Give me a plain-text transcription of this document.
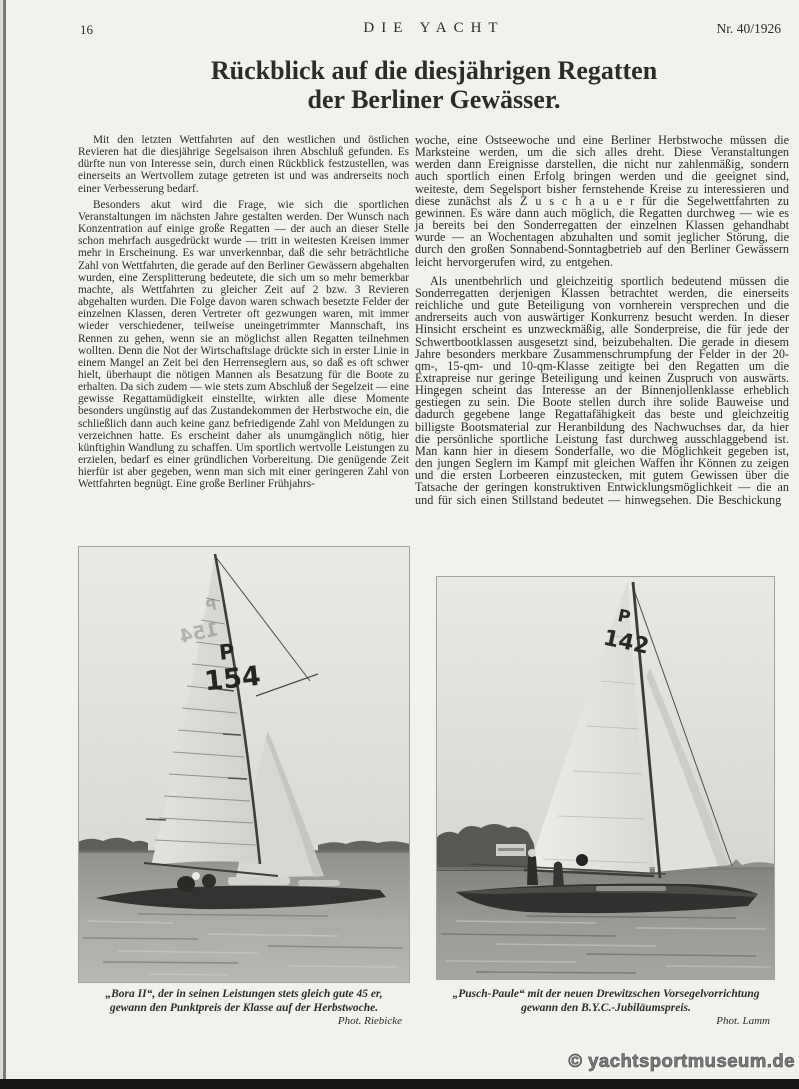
16	DIE YACHT	Nr. 40/1926
Rückblick auf die diesjährigen Regatten
der Berliner Gewässer.

Mit den letzten Wettfahrten auf den westlichen und östlichen Revieren hat die diesjährige Segelsaison ihren Abschluß gefunden. Es dürfte nun von Interesse sein, durch einen Rückblick festzustellen, was einerseits an Wertvollem zutage getreten ist und was andrerseits noch einer Verbesserung bedarf.

Besonders akut wird die Frage, wie sich die sportlichen Veranstaltungen im nächsten Jahre gestalten werden. Der Wunsch nach Konzentration auf einige große Regatten — der auch an dieser Stelle schon mehrfach ausgedrückt wurde — tritt in weitesten Kreisen immer mehr in Erscheinung. Es war unverkennbar, daß die sehr beträchtliche Zahl von Wettfahrten, die gerade auf den Berliner Gewässern abgehalten wurden, eine Zersplitterung bedeutete, die sich um so mehr bemerkbar machte, als Wettfahrten zu gleicher Zeit auf 2 bzw. 3 Revieren abgehalten wurden. Die Folge davon waren schwach besetzte Felder der einzelnen Klassen, deren Vertreter oft gezwungen waren, mit immer wieder verschiedener, teilweise uneingetrimmter Mannschaft, ins Rennen zu gehen, wenn sie an möglichst allen Regatten teilnehmen wollten. Denn die Not der Wirtschaftslage drückte sich in erster Linie in einem Mangel an Zeit bei den Herrenseglern aus, so daß es oft schwer hielt, überhaupt die nötigen Mannen als Besatzung für die Boote zu erhalten. Da sich zudem — wie stets zum Abschluß der Segelzeit — eine gewisse Regattamüdigkeit einstellte, wirkten alle diese Momente besonders ungünstig auf das Zustandekommen der Herbstwoche ein, die schließlich dann auch keine ganz befriedigende Zahl von Meldungen zu verzeichnen hatte. Es erscheint daher als unumgänglich nötig, hier künftighin Wandlung zu schaffen. Um sportlich wertvolle Leistungen zu erzielen, bedarf es einer gründlichen Vorbereitung. Die genügende Zeit hierfür ist aber gegeben, wenn man sich mit einer geringeren Zahl von Wettfahrten begnügt. Eine große Berliner Frühjahrs-

woche, eine Ostseewoche und eine Berliner Herbstwoche müssen die Marksteine werden, um die sich alles dreht. Diese Veranstaltungen werden dann Ereignisse darstellen, die nicht nur zahlenmäßig, sondern auch sportlich einen Erfolg bringen werden und die geeignet sind, weiteste, dem Segelsport bisher fernstehende Kreise zu interessieren und diese zunächst als Z u s c h a u e r für die Segelwettfahrten zu gewinnen. Es wäre dann auch möglich, die Regatten durchweg — wie es ja bereits bei den Sonderregatten der einzelnen Klassen gehandhabt wurde — an Wochentagen abzuhalten und somit jeglicher Störung, die durch den großen Sonnabend-Sonntagbetrieb auf den Berliner Gewässern leicht hervorgerufen wird, zu entgehen.

Als unentbehrlich und gleichzeitig sportlich bedeutend müssen die Sonderregatten derjenigen Klassen betrachtet werden, die einerseits reichliche und gute Beteiligung von vornherein versprechen und die andrerseits auch von auswärtiger Konkurrenz besucht werden. In dieser Hinsicht erscheint es unzweckmäßig, alle Sonderpreise, die für jede der Schwertbootklassen ausgesetzt sind, beizubehalten. Die gerade in diesem Jahre besonders merkbare Zusammenschrumpfung der Felder in der 20-qm-, 15-qm- und 10-qm-Klasse zeitigte bei den Regatten um die Extrapreise nur geringe Beteiligung und keinen Zuspruch von auswärts. Hingegen scheint das Interesse an der Binnenjollenklasse erheblich gestiegen zu sein. Die Boote stellen durch ihre solide Bauweise und dadurch gegebene lange Regattafähigkeit das beste und gleichzeitig billigste Bootsmaterial zur Heranbildung des Nachwuchses dar, da hier die persönliche sportliche Leistung fast durchweg ausschlaggebend ist. Man kann hier in diesem Sonderfalle, wo die Möglichkeit gegeben ist, den jungen Seglern im Kampf mit gleichen Waffen ihr Können zu zeigen und die ersten Lorbeeren einzustecken, mit gutem Gewissen über die Tatsache der geringen konstruktiven Entwicklungsmöglichkeit — die an und für sich einen Stillstand bedeutet — hinwegsehen. Die Beschickung

„Bora II“, der in seinen Leistungen stets gleich gute 45 er,
gewann den Punktpreis der Klasse auf der Herbstwoche.
Phot. Riebicke
„Pusch-Paule“ mit der neuen Drewitzschen Vorsegelvorrichtung
gewann den B.Y.C.-Jubiläumspreis.
Phot. Lamm
© yachtsportmuseum.de
